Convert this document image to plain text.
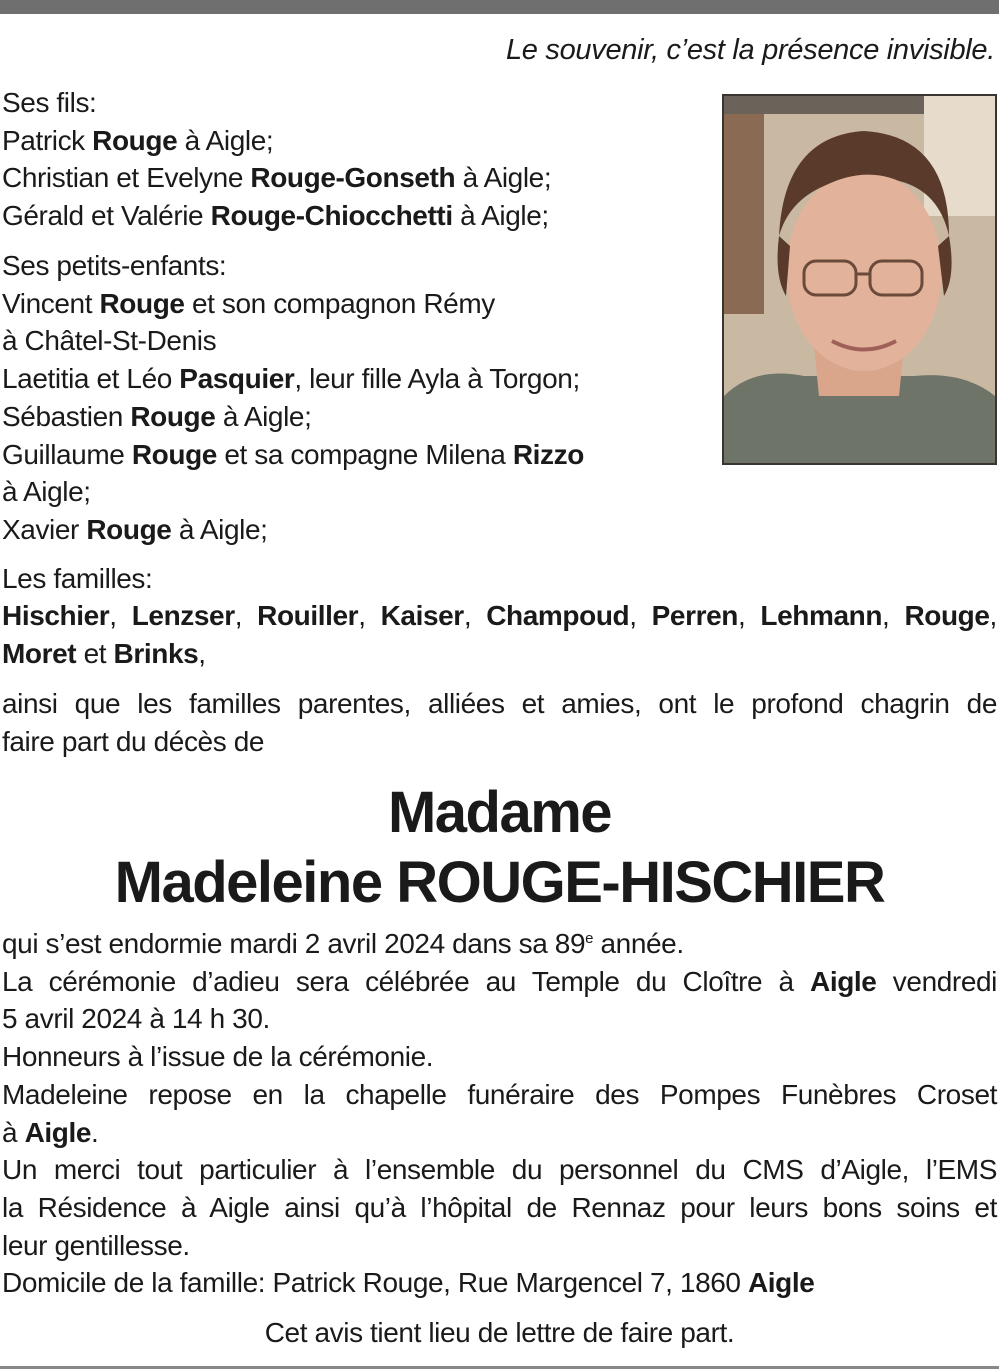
Le souvenir, c’est la présence invisible.
Ses fils:
Patrick Rouge à Aigle;
Christian et Evelyne Rouge-Gonseth à Aigle;
Gérald et Valérie Rouge-Chiocchetti à Aigle;
Ses petits-enfants:
Vincent Rouge et son compagnon Rémy
à Châtel-St-Denis
Laetitia et Léo Pasquier, leur fille Ayla à Torgon;
Sébastien Rouge à Aigle;
Guillaume Rouge et sa compagne Milena Rizzo
à Aigle;
Xavier Rouge à Aigle;
Les familles:
Hischier, Lenzser, Rouiller, Kaiser, Champoud, Perren, Lehmann, Rouge,
Moret et Brinks,
ainsi que les familles parentes, alliées et amies, ont le profond chagrin de
faire part du décès de
Madame
Madeleine ROUGE-HISCHIER
qui s’est endormie mardi 2 avril 2024 dans sa 89e année.
La cérémonie d’adieu sera célébrée au Temple du Cloître à Aigle vendredi
5 avril 2024 à 14 h 30.
Honneurs à l’issue de la cérémonie.
Madeleine repose en la chapelle funéraire des Pompes Funèbres Croset
à Aigle.
Un merci tout particulier à l’ensemble du personnel du CMS d’Aigle, l’EMS
la Résidence à Aigle ainsi qu’à l’hôpital de Rennaz pour leurs bons soins et
leur gentillesse.
Domicile de la famille: Patrick Rouge, Rue Margencel 7, 1860 Aigle
Cet avis tient lieu de lettre de faire part.
